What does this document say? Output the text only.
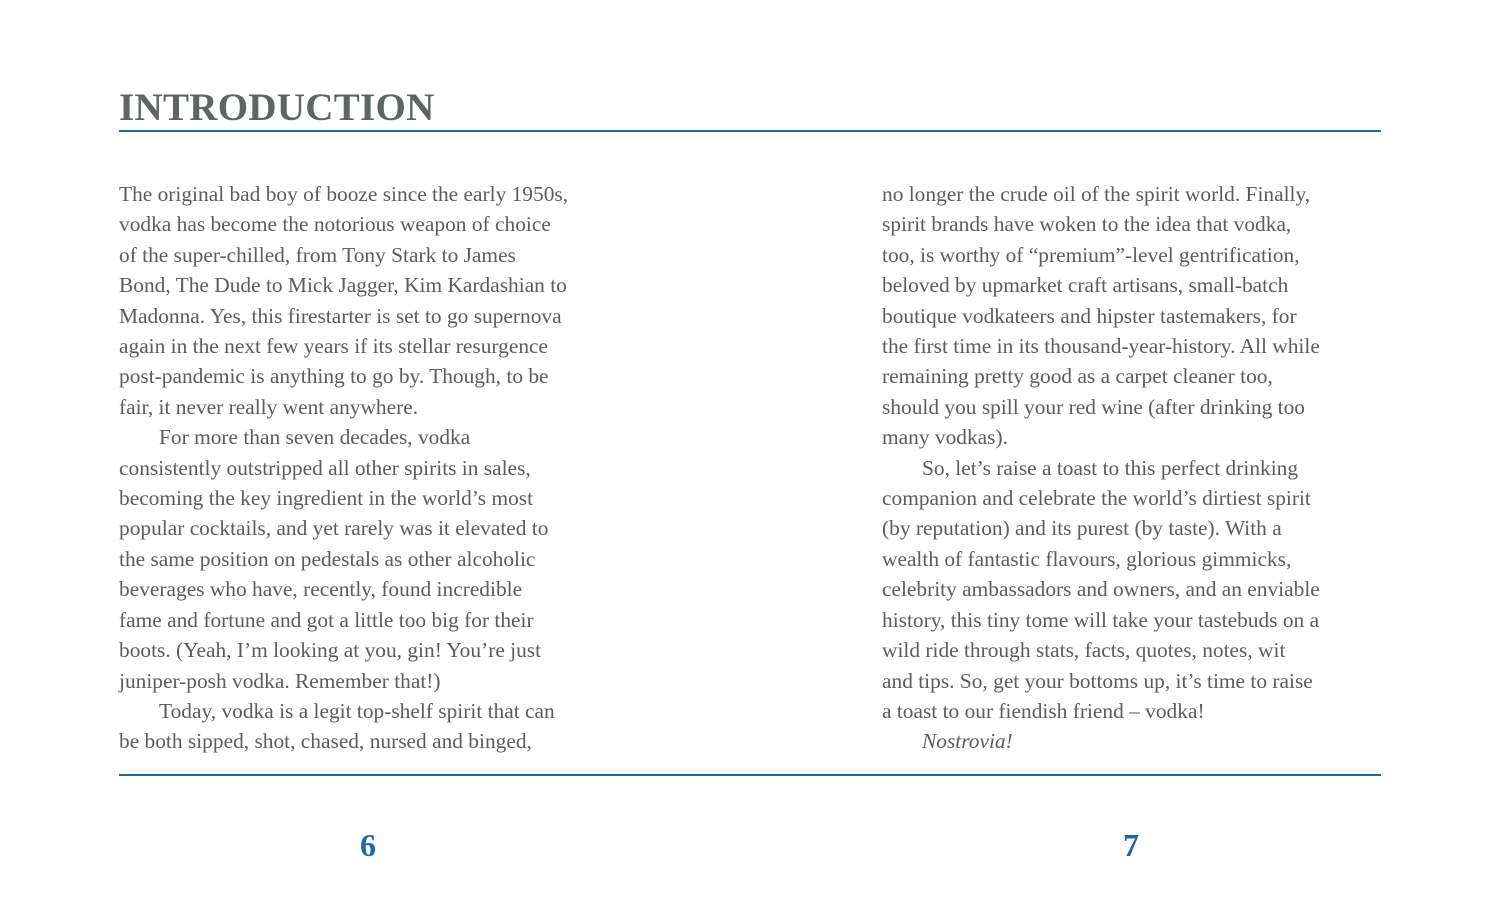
INTRODUCTION

The original bad boy of booze since the early 1950s,
vodka has become the notorious weapon of choice
of the super-chilled, from Tony Stark to James
Bond, The Dude to Mick Jagger, Kim Kardashian to
Madonna. Yes, this firestarter is set to go supernova
again in the next few years if its stellar resurgence
post-pandemic is anything to go by. Though, to be
fair, it never really went anywhere.

For more than seven decades, vodka
consistently outstripped all other spirits in sales,
becoming the key ingredient in the world’s most
popular cocktails, and yet rarely was it elevated to
the same position on pedestals as other alcoholic
beverages who have, recently, found incredible
fame and fortune and got a little too big for their
boots. (Yeah, I’m looking at you, gin! You’re just
juniper-posh vodka. Remember that!)

Today, vodka is a legit top-shelf spirit that can
be both sipped, shot, chased, nursed and binged,

no longer the crude oil of the spirit world. Finally,
spirit brands have woken to the idea that vodka,
too, is worthy of “premium”-level gentrification,
beloved by upmarket craft artisans, small-batch
boutique vodkateers and hipster tastemakers, for
the first time in its thousand-year-history. All while
remaining pretty good as a carpet cleaner too,
should you spill your red wine (after drinking too
many vodkas).

So, let’s raise a toast to this perfect drinking
companion and celebrate the world’s dirtiest spirit
(by reputation) and its purest (by taste). With a
wealth of fantastic flavours, glorious gimmicks,
celebrity ambassadors and owners, and an enviable
history, this tiny tome will take your tastebuds on a
wild ride through stats, facts, quotes, notes, wit
and tips. So, get your bottoms up, it’s time to raise
a toast to our fiendish friend – vodka!

Nostrovia!

6	7
